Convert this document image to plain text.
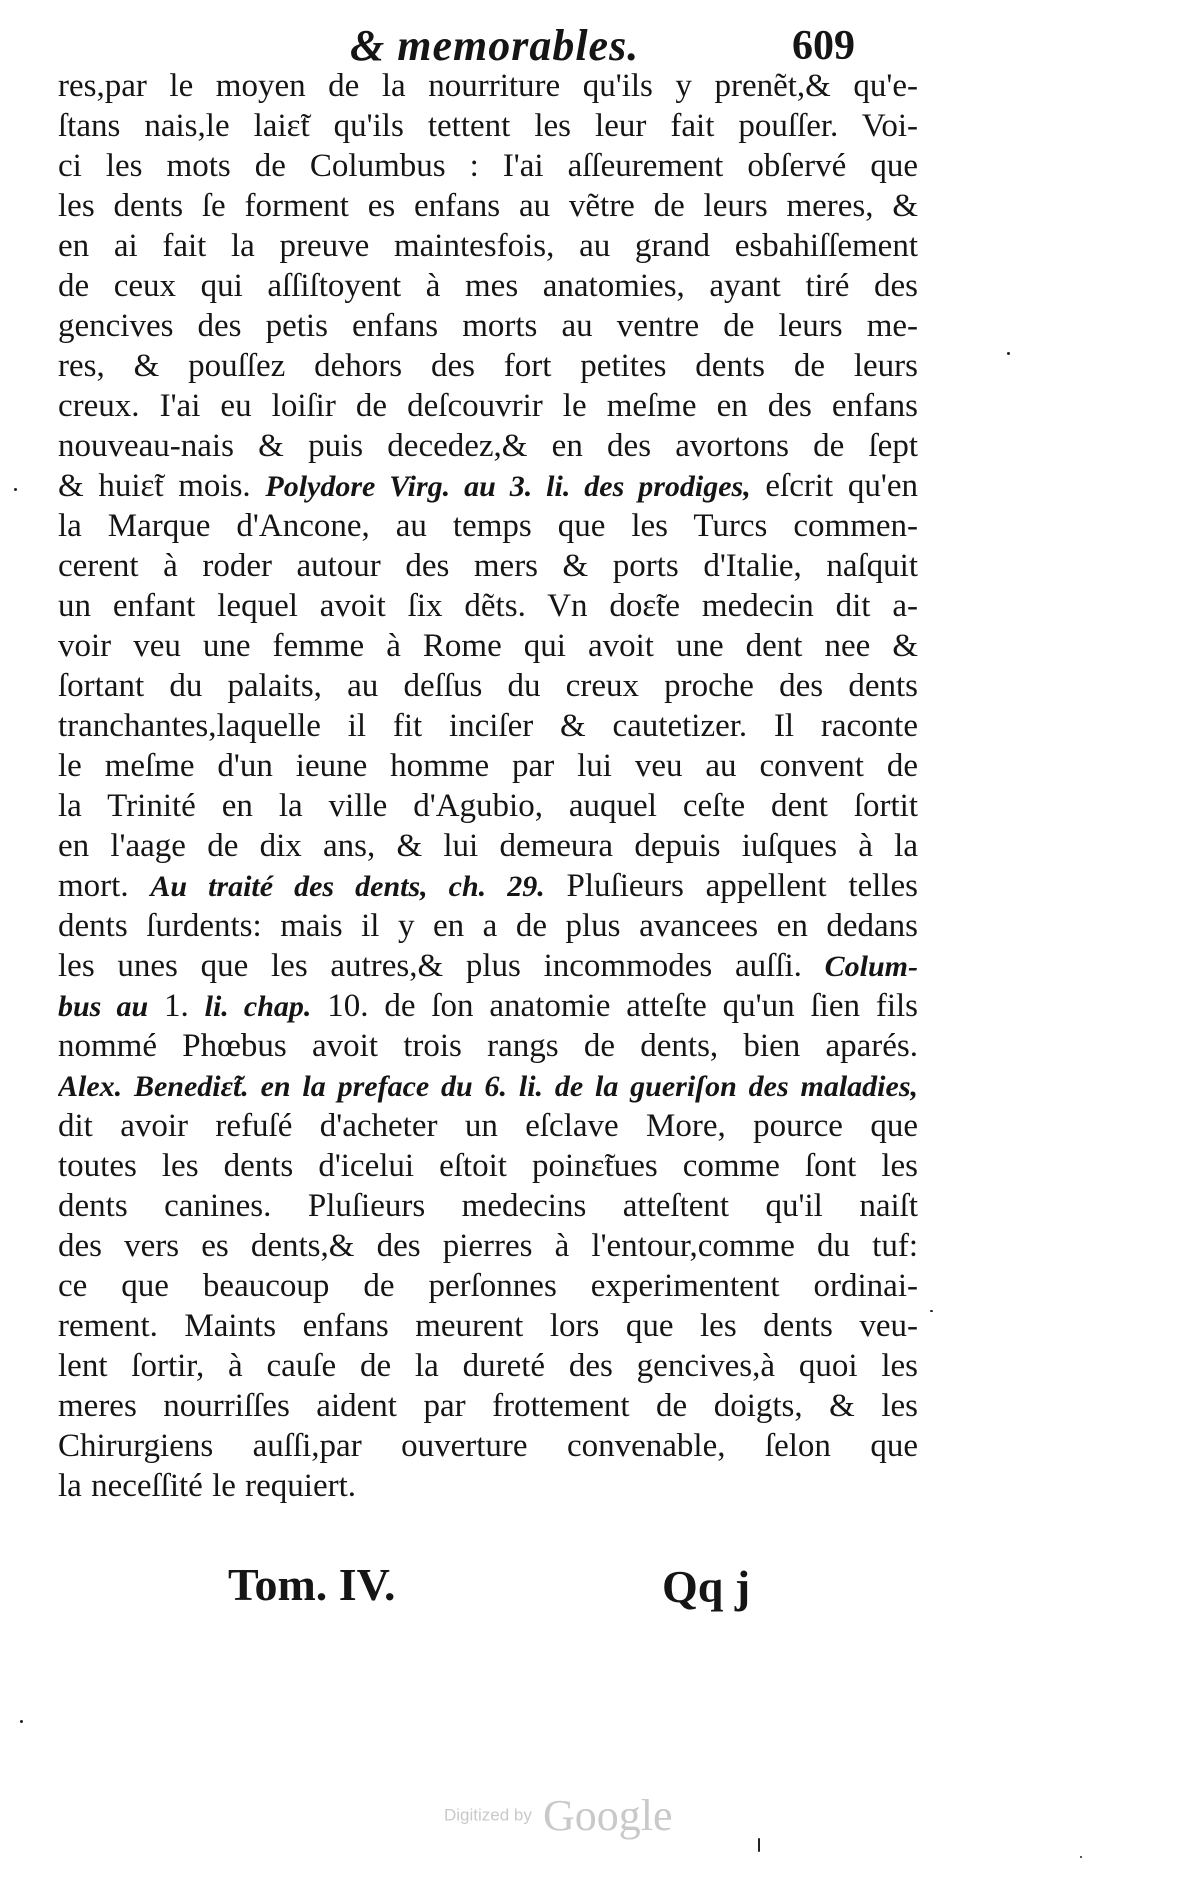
& memorables.	609
res,par le moyen de la nourriture qu'ils y prenẽt,& qu'e-
ſtans nais,le laiɛ̃t qu'ils tettent les leur fait pouſſer. Voi-
ci les mots de Columbus : I'ai aſſeurement obſervé que
les dents ſe forment es enfans au vẽtre de leurs meres, &
en ai fait la preuve maintesfois, au grand esbahiſſement
de ceux qui aſſiſtoyent à mes anatomies, ayant tiré des
gencives des petis enfans morts au ventre de leurs me-
res, & pouſſez dehors des fort petites dents de leurs
creux. I'ai eu loiſir de deſcouvrir le meſme en des enfans
nouveau-nais & puis decedez,& en des avortons de ſept
& huiɛ̃t mois. Polydore Virg. au 3. li. des prodiges, eſcrit qu'en
la Marque d'Ancone, au temps que les Turcs commen-
cerent à roder autour des mers & ports d'Italie, naſquit
un enfant lequel avoit ſix dẽts. Vn doɛ̃te medecin dit a-
voir veu une femme à Rome qui avoit une dent nee &
ſortant du palaits, au deſſus du creux proche des dents
tranchantes,laquelle il fit inciſer & cautetizer. Il raconte
le meſme d'un ieune homme par lui veu au convent de
la Trinité en la ville d'Agubio, auquel ceſte dent ſortit
en l'aage de dix ans, & lui demeura depuis iuſques à la
mort. Au traité des dents, ch. 29. Pluſieurs appellent telles
dents ſurdents: mais il y en a de plus avancees en dedans
les unes que les autres,& plus incommodes auſſi. Colum-
bus au 1. li. chap. 10. de ſon anatomie atteſte qu'un ſien fils
nommé Phœbus avoit trois rangs de dents, bien aparés.
Alex. Benediɛ̃t. en la preface du 6. li. de la gueriſon des maladies,
dit avoir refuſé d'acheter un eſclave More, pource que
toutes les dents d'icelui eſtoit poinɛ̃tues comme ſont les
dents canines. Pluſieurs medecins atteſtent qu'il naiſt
des vers es dents,& des pierres à l'entour,comme du tuf:
ce que beaucoup de perſonnes experimentent ordinai-
rement. Maints enfans meurent lors que les dents veu-
lent ſortir, à cauſe de la dureté des gencives,à quoi les
meres nourriſſes aident par frottement de doigts, & les
Chirurgiens auſſi,par ouverture convenable, ſelon que
la neceſſité le requiert.
Tom. IV.	Qq j
Digitized by Google
